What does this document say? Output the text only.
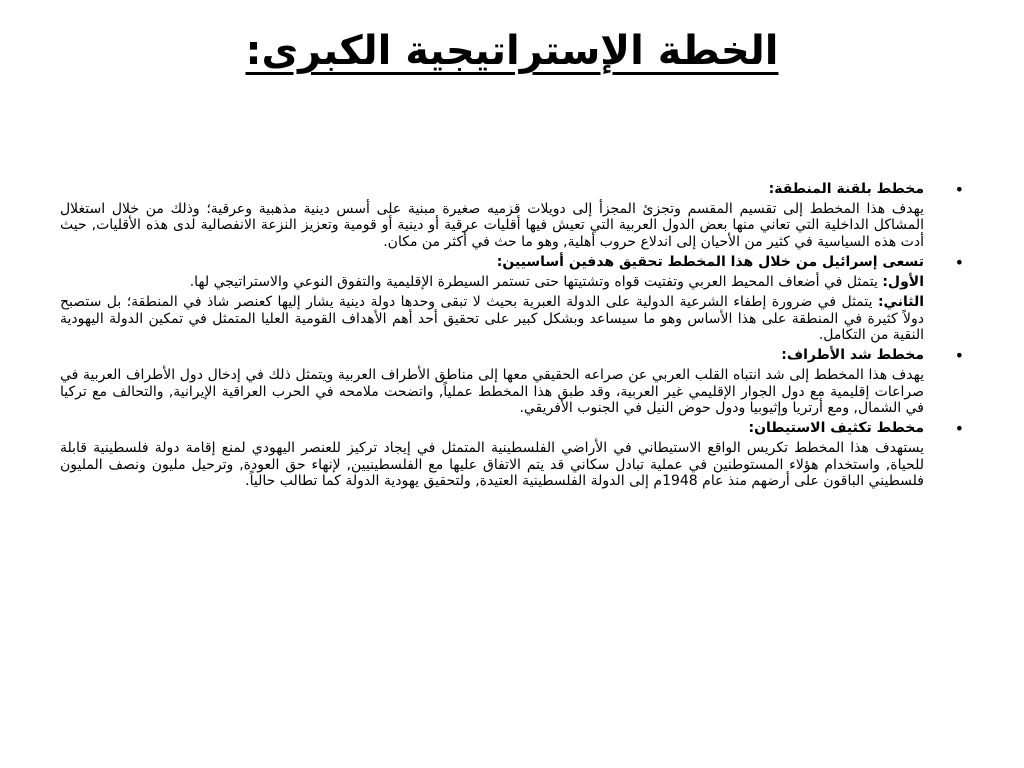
الخطة الإستراتيجية الكبرى:
•
مخطط بلقنة المنطقة:
يهدف هذا المخطط إلى تقسيم المقسم وتجزئ المجزأ إلى دويلات قزميه صغيرة مبنية على أسس دينية مذهبية وعرقية؛ وذلك من خلال استغلال المشاكل الداخلية التي تعاني منها بعض الدول العربية التي تعيش فيها أقليات عرقية أو دينية أو قومية وتعزيز النزعة الانفصالية لدى هذه الأقليات, حيث أدت هذه السياسية في كثير من الأحيان إلى اندلاع حروب أهلية, وهو ما حث في أكثر من مكان.
•
تسعى إسرائيل من خلال هذا المخطط تحقيق هدفين أساسيين:
الأول: يتمثل في أضعاف المحيط العربي وتفتيت قواه وتشتيتها حتى تستمر السيطرة الإقليمية والتفوق النوعي والاستراتيجي لها.
الثاني: يتمثل في ضرورة إطفاء الشرعية الدولية على الدولة العبرية بحيث لا تبقى وحدها دولة دينية يشار إليها كعنصر شاذ في المنطقة؛ بل ستصبح دولاً كثيرة في المنطقة على هذا الأساس وهو ما سيساعد وبشكل كبير على تحقيق أحد أهم الأهداف القومية العليا المتمثل في تمكين الدولة اليهودية النقية من التكامل.
•
مخطط شد الأطراف:
يهدف هذا المخطط إلى شد انتباه القلب العربي عن صراعه الحقيقي معها إلى مناطق الأطراف العربية ويتمثل ذلك في إدخال دول الأطراف العربية في صراعات إقليمية مع دول الجوار الإقليمي غير العربية، وقد طبق هذا المخطط عملياً, واتضحت ملامحه في الحرب العراقية الإيرانية, والتحالف مع تركيا في الشمال, ومع أرتريا وإثيوبيا ودول حوض النيل في الجنوب الأفريقي.
•
مخطط تكثيف الاستيطان:
يستهدف هذا المخطط تكريس الواقع الاستيطاني في الأراضي الفلسطينية المتمثل في إيجاد تركيز للعنصر اليهودي لمنع إقامة دولة فلسطينية قابلة للحياة, واستخدام هؤلاء المستوطنين في عملية تبادل سكاني قد يتم الاتفاق عليها مع الفلسطينيين, لإنهاء حق العودة, وترحيل مليون ونصف المليون فلسطيني الباقون على أرضهم منذ عام 1948م إلى الدولة الفلسطينية العتيدة, ولتحقيق يهودية الدولة كما تطالب حالياً.
